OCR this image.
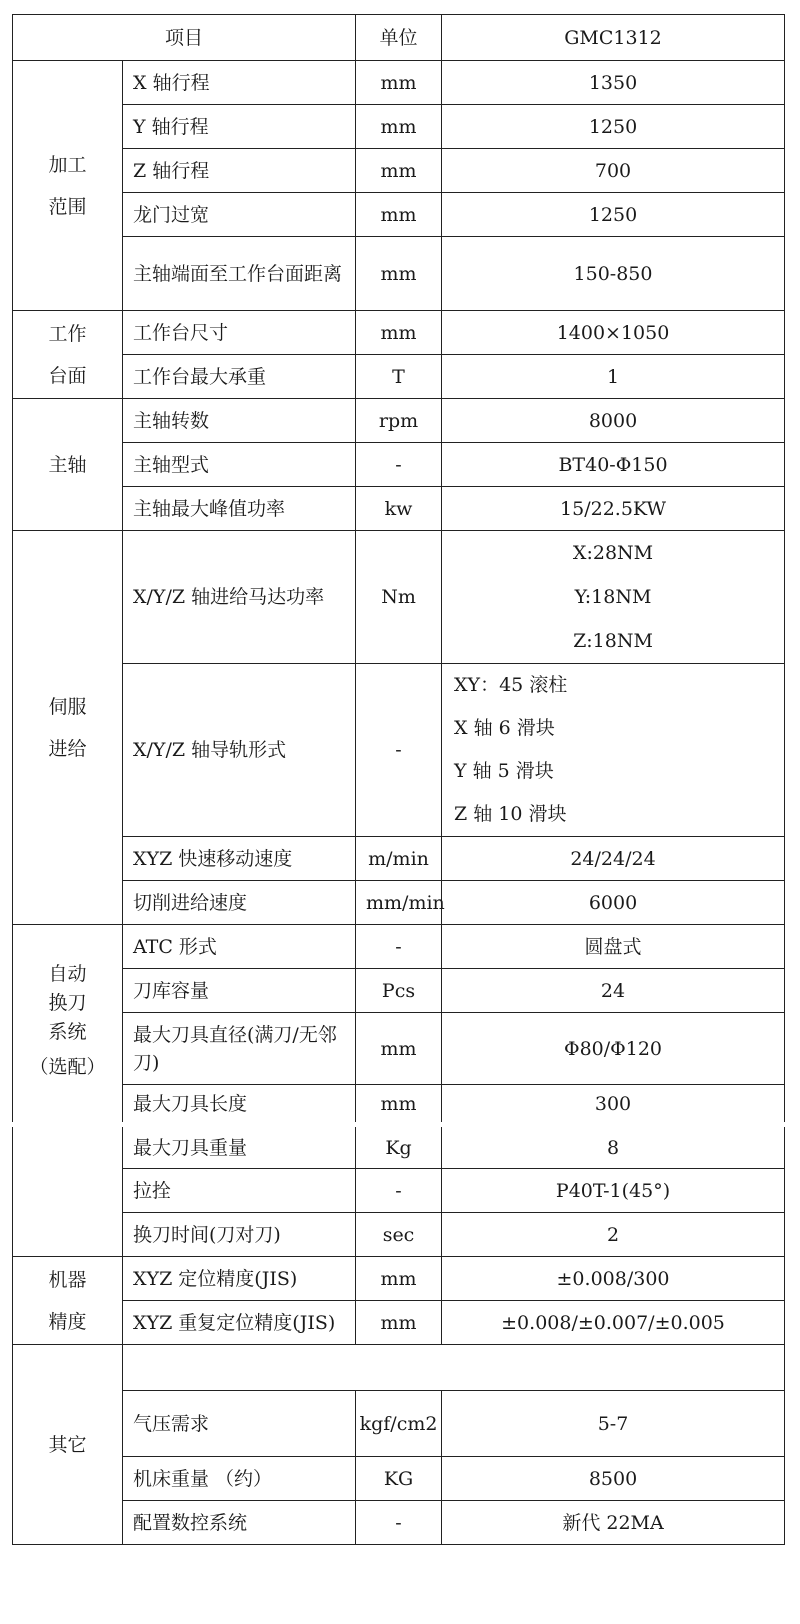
项目		单位	GMC1312

加工
范围	X 轴行程	mm	1350
	Y 轴行程	mm	1250
	Z 轴行程	mm	700
	龙门过宽	mm	1250
	主轴端面至工作台面距离	mm	150-850

工作
台面	工作台尺寸	mm	1400×1050
	工作台最大承重	T	1

主轴	主轴转数	rpm	8000
	主轴型式	-	BT40-Φ150
	主轴最大峰值功率	kw	15/22.5KW

伺服
进给	X/Y/Z 轴进给马达功率	Nm	X:28NM
Y:18NM
Z:18NM

	X/Y/Z 轴导轨形式	-	XY：45 滚柱
X 轴 6 滑块
Y 轴 5 滑块
Z 轴 10 滑块

	XYZ 快速移动速度	m/min	24/24/24
	切削进给速度	mm/min	6000

自动
换刀
系统
（选配）	ATC 形式	-	圆盘式
	刀库容量	Pcs	24
	最大刀具直径(满刀/无邻刀)	mm	Φ80/Φ120
	最大刀具长度	mm	300
	最大刀具重量	Kg	8
	拉拴	-	P40T-1(45°)
	换刀时间(刀对刀)	sec	2

机器
精度	XYZ 定位精度(JIS)	mm	±0.008/300
	XYZ 重复定位精度(JIS)	mm	±0.008/±0.007/±0.005

其它			

	气压需求	kgf/cm2	5-7
	机床重量 （约）	KG	8500
	配置数控系统	-	新代 22MA
